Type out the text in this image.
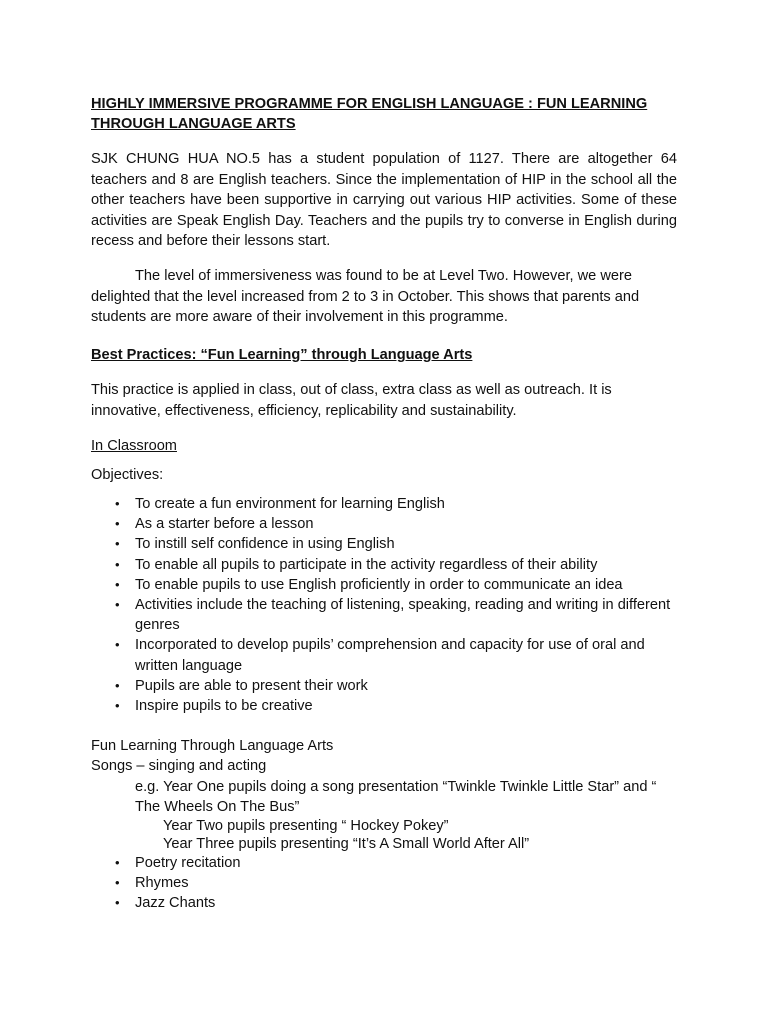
HIGHLY IMMERSIVE PROGRAMME FOR ENGLISH LANGUAGE : FUN LEARNING THROUGH LANGUAGE ARTS

SJK CHUNG HUA NO.5 has a student population of 1127. There are altogether 64 teachers and 8 are English teachers. Since the implementation of HIP in the school all the other teachers have been supportive in carrying out various HIP activities. Some of these activities are Speak English Day. Teachers and the pupils try to converse in English during recess and before their lessons start.

The level of immersiveness was found to be at Level Two. However, we were delighted that the level increased from 2 to 3 in October. This shows that parents and students are more aware of their involvement in this programme.

Best Practices: “Fun Learning” through Language Arts

This practice is applied in class, out of class, extra class as well as outreach. It is innovative, effectiveness, efficiency, replicability and sustainability.

In Classroom

Objectives:

• To create a fun environment for learning English
• As a starter before a lesson
• To instill self confidence in using English
• To enable all pupils to participate in the activity regardless of their ability
• To enable pupils to use English proficiently in order to communicate an idea
• Activities include the teaching of listening, speaking, reading and writing in different genres
• Incorporated to develop pupils’ comprehension and capacity for use of oral and written language
• Pupils are able to present their work
• Inspire pupils to be creative

Fun Learning Through Language Arts

Songs – singing and acting

e.g. Year One pupils doing a song presentation “Twinkle Twinkle Little Star” and “

The Wheels On The Bus”

Year Two pupils presenting “ Hockey Pokey”

Year Three pupils presenting “It’s A Small World After All”

• Poetry recitation
• Rhymes
• Jazz Chants
